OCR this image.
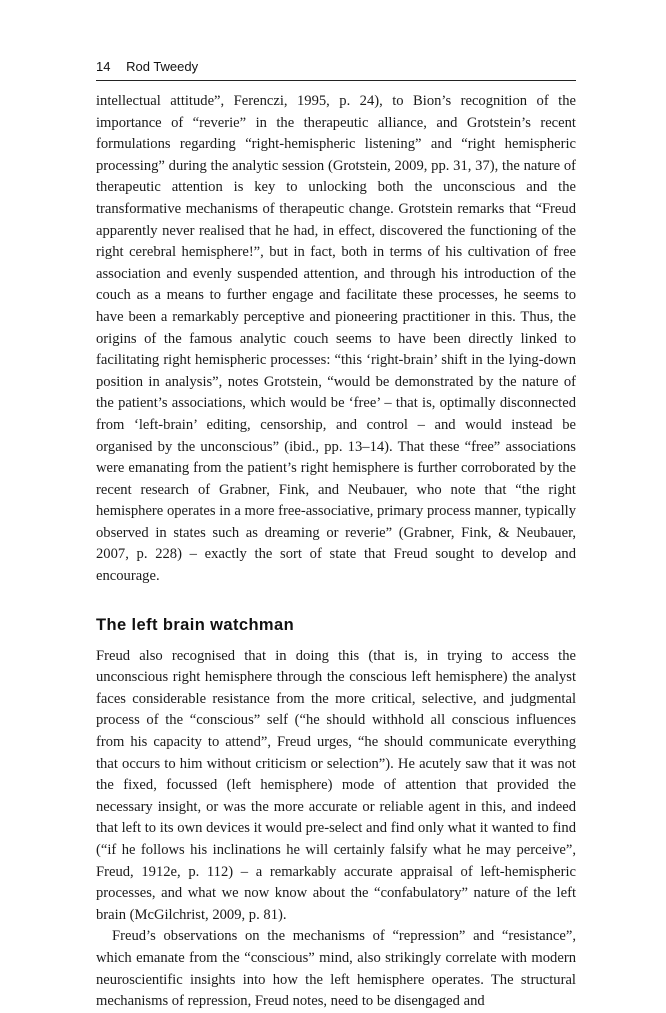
14 Rod Tweedy

intellectual attitude”, Ferenczi, 1995, p. 24), to Bion’s recognition of the importance of “reverie” in the therapeutic alliance, and Grotstein’s recent formulations regarding “right-hemispheric listening” and “right hemispheric processing” during the analytic session (Grotstein, 2009, pp. 31, 37), the nature of therapeutic attention is key to unlocking both the unconscious and the transformative mechanisms of therapeutic change. Grotstein remarks that “Freud apparently never realised that he had, in effect, discovered the functioning of the right cerebral hemisphere!”, but in fact, both in terms of his cultivation of free association and evenly suspended attention, and through his introduction of the couch as a means to further engage and facilitate these processes, he seems to have been a remarkably perceptive and pioneering practitioner in this. Thus, the origins of the famous analytic couch seems to have been directly linked to facilitating right hemispheric processes: “this ‘right-brain’ shift in the lying-down position in analysis”, notes Grotstein, “would be demonstrated by the nature of the patient’s associations, which would be ‘free’ – that is, optimally disconnected from ‘left-brain’ editing, censorship, and control – and would instead be organised by the unconscious” (ibid., pp. 13–14). That these “free” associations were emanating from the patient’s right hemisphere is further corroborated by the recent research of Grabner, Fink, and Neubauer, who note that “the right hemisphere operates in a more free-associative, primary process manner, typically observed in states such as dreaming or reverie” (Grabner, Fink, & Neubauer, 2007, p. 228) – exactly the sort of state that Freud sought to develop and encourage.

The left brain watchman

Freud also recognised that in doing this (that is, in trying to access the unconscious right hemisphere through the conscious left hemisphere) the analyst faces considerable resistance from the more critical, selective, and judgmental process of the “conscious” self (“he should withhold all conscious influences from his capacity to attend”, Freud urges, “he should communicate everything that occurs to him without criticism or selection”). He acutely saw that it was not the fixed, focussed (left hemisphere) mode of attention that provided the necessary insight, or was the more accurate or reliable agent in this, and indeed that left to its own devices it would pre-select and find only what it wanted to find (“if he follows his inclinations he will certainly falsify what he may perceive”, Freud, 1912e, p. 112) – a remarkably accurate appraisal of left-hemispheric processes, and what we now know about the “confabulatory” nature of the left brain (McGilchrist, 2009, p. 81).

Freud’s observations on the mechanisms of “repression” and “resistance”, which emanate from the “conscious” mind, also strikingly correlate with modern neuroscientific insights into how the left hemisphere operates. The structural mechanisms of repression, Freud notes, need to be disengaged and
